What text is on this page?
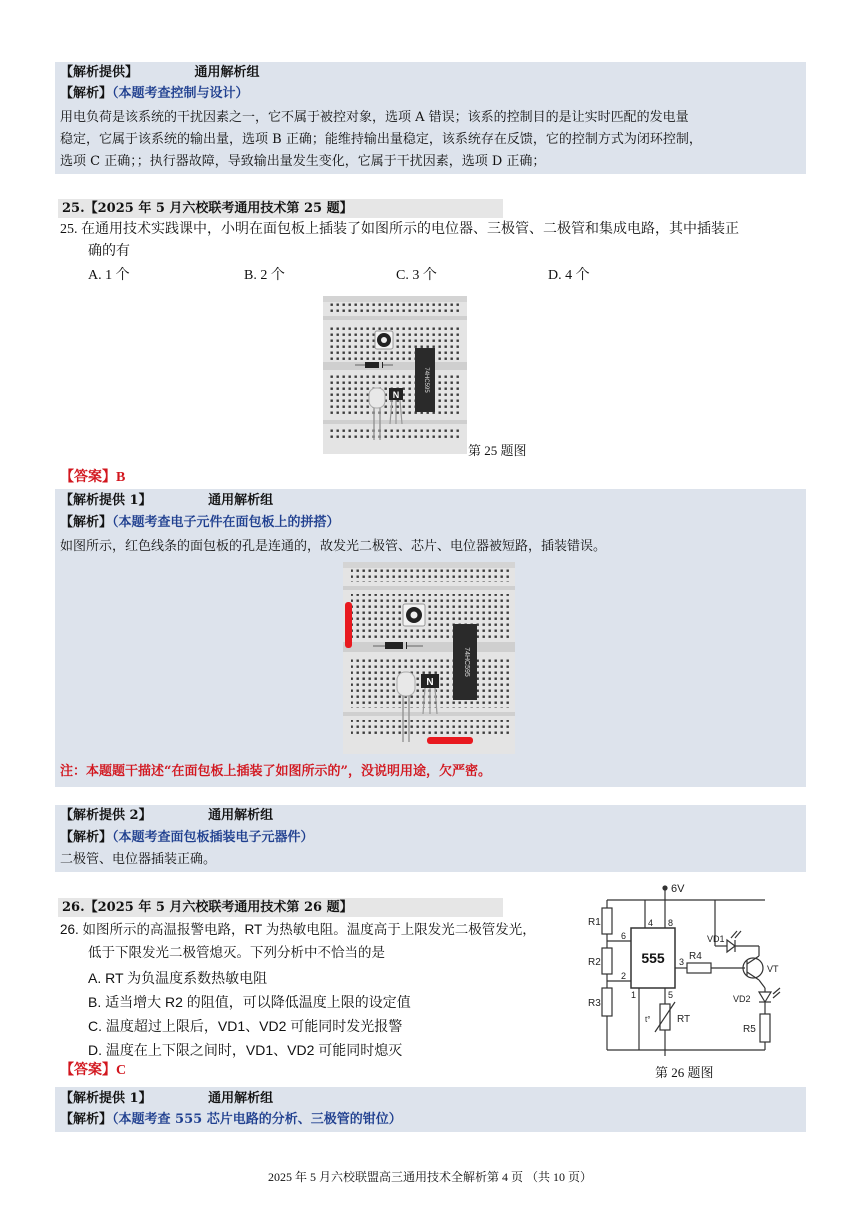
【解析提供】	通用解析组
【解析】（本题考查控制与设计）
用电负荷是该系统的干扰因素之一，它不属于被控对象，选项 A 错误；该系的控制目的是让实时匹配的发电量
稳定，它属于该系统的输出量，选项 B 正确；能维持输出量稳定，该系统存在反馈，它的控制方式为闭环控制，
选项 C 正确；；执行器故障，导致输出量发生变化，它属于干扰因素，选项 D 正确；
25.【2025 年 5 月六校联考通用技术第 25 题】
25. 在通用技术实践课中，小明在面包板上插装了如图所示的电位器、三极管、二极管和集成电路，其中插装正
确的有
A. 1 个	B. 2 个	C. 3 个	D. 4 个
74HC595
N
第 25 题图
【答案】B
【解析提供 1】	通用解析组
【解析】（本题考查电子元件在面包板上的拼搭）
如图所示，红色线条的面包板的孔是连通的，故发光二极管、芯片、电位器被短路，插装错误。
74HC595
N
注：本题题干描述“在面包板上插装了如图所示的”，没说明用途，欠严密。
【解析提供 2】	通用解析组
【解析】（本题考查面包板插装电子元器件）
二极管、电位器插装正确。
26.【2025 年 5 月六校联考通用技术第 26 题】
26. 如图所示的高温报警电路，RT 为热敏电阻。温度高于上限发光二极管发光，
低于下限发光二极管熄灭。下列分析中不恰当的是
A. RT 为负温度系数热敏电阻
B. 适当增大 R2 的阻值，可以降低温度上限的设定值
C. 温度超过上限后，VD1、VD2 可能同时发光报警
D. 温度在上下限之间时，VD1、VD2 可能同时熄灭
【答案】C
6V
R1
R2
R3
555
4 8
6
2
1
3 R4
VT
VD1
VD2
R5
5
t°	RT
第 26 题图
【解析提供 1】	通用解析组
【解析】（本题考查 555 芯片电路的分析、三极管的钳位）
2025 年 5 月六校联盟高三通用技术全解析第 4 页 （共 10 页）
